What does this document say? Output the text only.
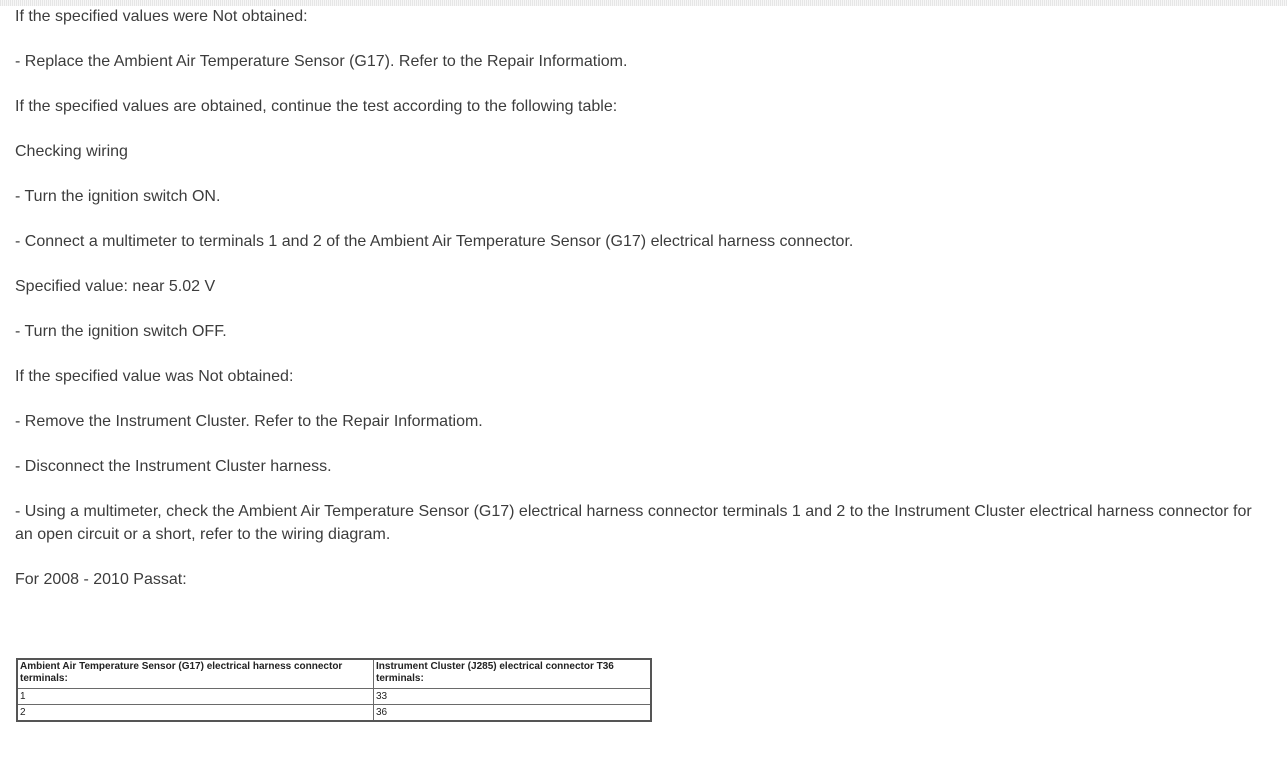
If the specified values were Not obtained:

- Replace the Ambient Air Temperature Sensor (G17). Refer to the Repair Informatiom.

If the specified values are obtained, continue the test according to the following table:

Checking wiring

- Turn the ignition switch ON.

- Connect a multimeter to terminals 1 and 2 of the Ambient Air Temperature Sensor (G17) electrical harness connector.

Specified value: near 5.02 V

- Turn the ignition switch OFF.

If the specified value was Not obtained:

- Remove the Instrument Cluster. Refer to the Repair Informatiom.

- Disconnect the Instrument Cluster harness.

- Using a multimeter, check the Ambient Air Temperature Sensor (G17) electrical harness connector terminals 1 and 2 to the Instrument Cluster electrical harness connector for an open circuit or a short, refer to the wiring diagram.

For 2008 - 2010 Passat:

Ambient Air Temperature Sensor (G17) electrical harness connector terminals:	Instrument Cluster (J285) electrical connector T36 terminals:
1	33
2	36
